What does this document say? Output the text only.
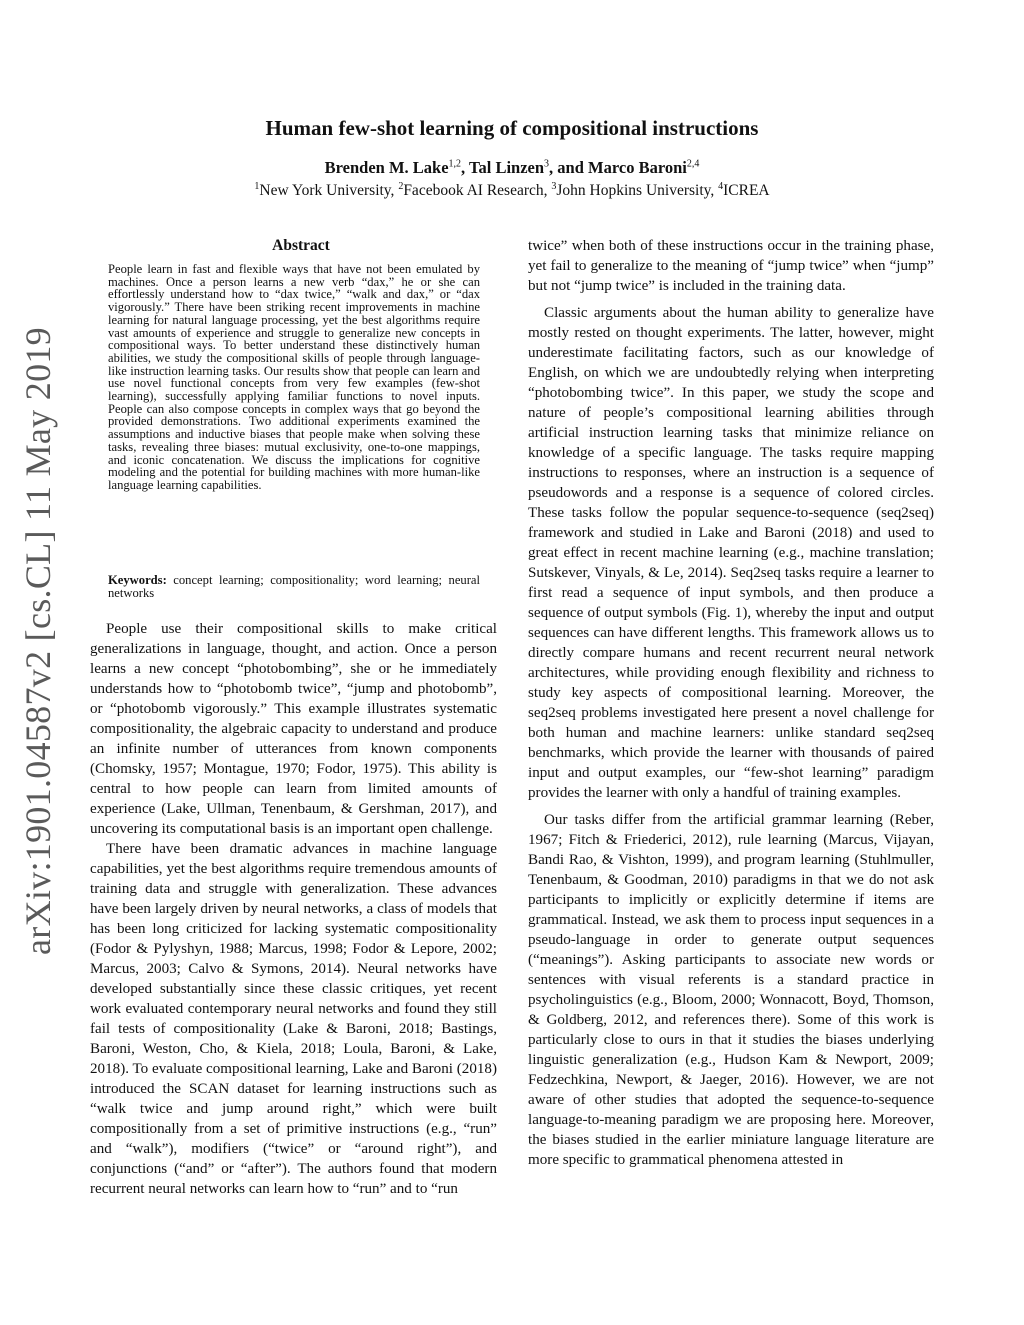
arXiv:1901.04587v2 [cs.CL] 11 May 2019
Human few-shot learning of compositional instructions
Brenden M. Lake$^{1,2}$, Tal Linzen$^3$, and Marco Baroni$^{2,4}$
$^1$New York University, $^2$Facebook AI Research, $^3$John Hopkins University, $^4$ICREA
Abstract

People learn in fast and flexible ways that have not been emulated by machines. Once a person learns a new verb “dax,” he or she can effortlessly understand how to “dax twice,” “walk and dax,” or “dax vigorously.” There have been striking recent improvements in machine learning for natural language processing, yet the best algorithms require vast amounts of experience and struggle to generalize new concepts in compositional ways. To better understand these distinctively human abilities, we study the compositional skills of people through language-like instruction learning tasks. Our results show that people can learn and use novel functional concepts from very few examples (few-shot learning), successfully applying familiar functions to novel inputs. People can also compose concepts in complex ways that go beyond the provided demonstrations. Two additional experiments examined the assumptions and inductive biases that people make when solving these tasks, revealing three biases: mutual exclusivity, one-to-one mappings, and iconic concatenation. We discuss the implications for cognitive modeling and the potential for building machines with more human-like language learning capabilities.

Keywords: concept learning; compositionality; word learning; neural networks

People use their compositional skills to make critical generalizations in language, thought, and action. Once a person learns a new concept “photobombing”, she or he immediately understands how to “photobomb twice”, “jump and photobomb”, or “photobomb vigorously.” This example illustrates systematic compositionality, the algebraic capacity to understand and produce an infinite number of utterances from known components (Chomsky, 1957; Montague, 1970; Fodor, 1975). This ability is central to how people can learn from limited amounts of experience (Lake, Ullman, Tenenbaum, & Gershman, 2017), and uncovering its computational basis is an important open challenge.

There have been dramatic advances in machine language capabilities, yet the best algorithms require tremendous amounts of training data and struggle with generalization. These advances have been largely driven by neural networks, a class of models that has been long criticized for lacking systematic compositionality (Fodor & Pylyshyn, 1988; Marcus, 1998; Fodor & Lepore, 2002; Marcus, 2003; Calvo & Symons, 2014). Neural networks have developed substantially since these classic critiques, yet recent work evaluated contemporary neural networks and found they still fail tests of compositionality (Lake & Baroni, 2018; Bastings, Baroni, Weston, Cho, & Kiela, 2018; Loula, Baroni, & Lake, 2018). To evaluate compositional learning, Lake and Baroni (2018) introduced the SCAN dataset for learning instructions such as “walk twice and jump around right,” which were built compositionally from a set of primitive instructions (e.g., “run” and “walk”), modifiers (“twice” or “around right”), and conjunctions (“and” or “after”). The authors found that modern recurrent neural networks can learn how to “run” and to “run

twice” when both of these instructions occur in the training phase, yet fail to generalize to the meaning of “jump twice” when “jump” but not “jump twice” is included in the training data.

Classic arguments about the human ability to generalize have mostly rested on thought experiments. The latter, however, might underestimate facilitating factors, such as our knowledge of English, on which we are undoubtedly relying when interpreting “photobombing twice”. In this paper, we study the scope and nature of people’s compositional learning abilities through artificial instruction learning tasks that minimize reliance on knowledge of a specific language. The tasks require mapping instructions to responses, where an instruction is a sequence of pseudowords and a response is a sequence of colored circles. These tasks follow the popular sequence-to-sequence (seq2seq) framework and studied in Lake and Baroni (2018) and used to great effect in recent machine learning (e.g., machine translation; Sutskever, Vinyals, & Le, 2014). Seq2seq tasks require a learner to first read a sequence of input symbols, and then produce a sequence of output symbols (Fig. 1), whereby the input and output sequences can have different lengths. This framework allows us to directly compare humans and recent recurrent neural network architectures, while providing enough flexibility and richness to study key aspects of compositional learning. Moreover, the seq2seq problems investigated here present a novel challenge for both human and machine learners: unlike standard seq2seq benchmarks, which provide the learner with thousands of paired input and output examples, our “few-shot learning” paradigm provides the learner with only a handful of training examples.

Our tasks differ from the artificial grammar learning (Reber, 1967; Fitch & Friederici, 2012), rule learning (Marcus, Vijayan, Bandi Rao, & Vishton, 1999), and program learning (Stuhlmuller, Tenenbaum, & Goodman, 2010) paradigms in that we do not ask participants to implicitly or explicitly determine if items are grammatical. Instead, we ask them to process input sequences in a pseudo-language in order to generate output sequences (“meanings”). Asking participants to associate new words or sentences with visual referents is a standard practice in psycholinguistics (e.g., Bloom, 2000; Wonnacott, Boyd, Thomson, & Goldberg, 2012, and references there). Some of this work is particularly close to ours in that it studies the biases underlying linguistic generalization (e.g., Hudson Kam & Newport, 2009; Fedzechkina, Newport, & Jaeger, 2016). However, we are not aware of other studies that adopted the sequence-to-sequence language-to-meaning paradigm we are proposing here. Moreover, the biases studied in the earlier miniature language literature are more specific to grammatical phenomena attested in
